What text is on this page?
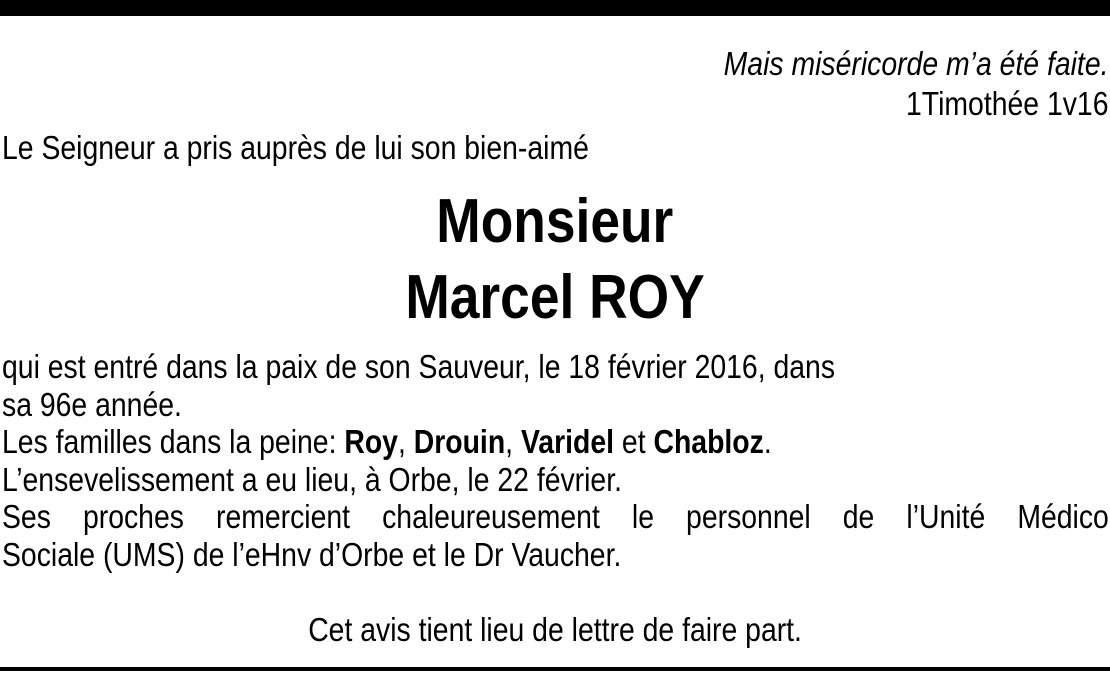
Mais miséricorde m’a été faite.
1Timothée 1v16
Le Seigneur a pris auprès de lui son bien-aimé
Monsieur
Marcel ROY
qui est entré dans la paix de son Sauveur, le 18 février 2016, dans
sa 96e année.
Les familles dans la peine: Roy, Drouin, Varidel et Chabloz.
L’ensevelissement a eu lieu, à Orbe, le 22 février.
Ses proches remercient chaleureusement le personnel de l’Unité Médico
Sociale (UMS) de l’eHnv d’Orbe et le Dr Vaucher.
Cet avis tient lieu de lettre de faire part.
